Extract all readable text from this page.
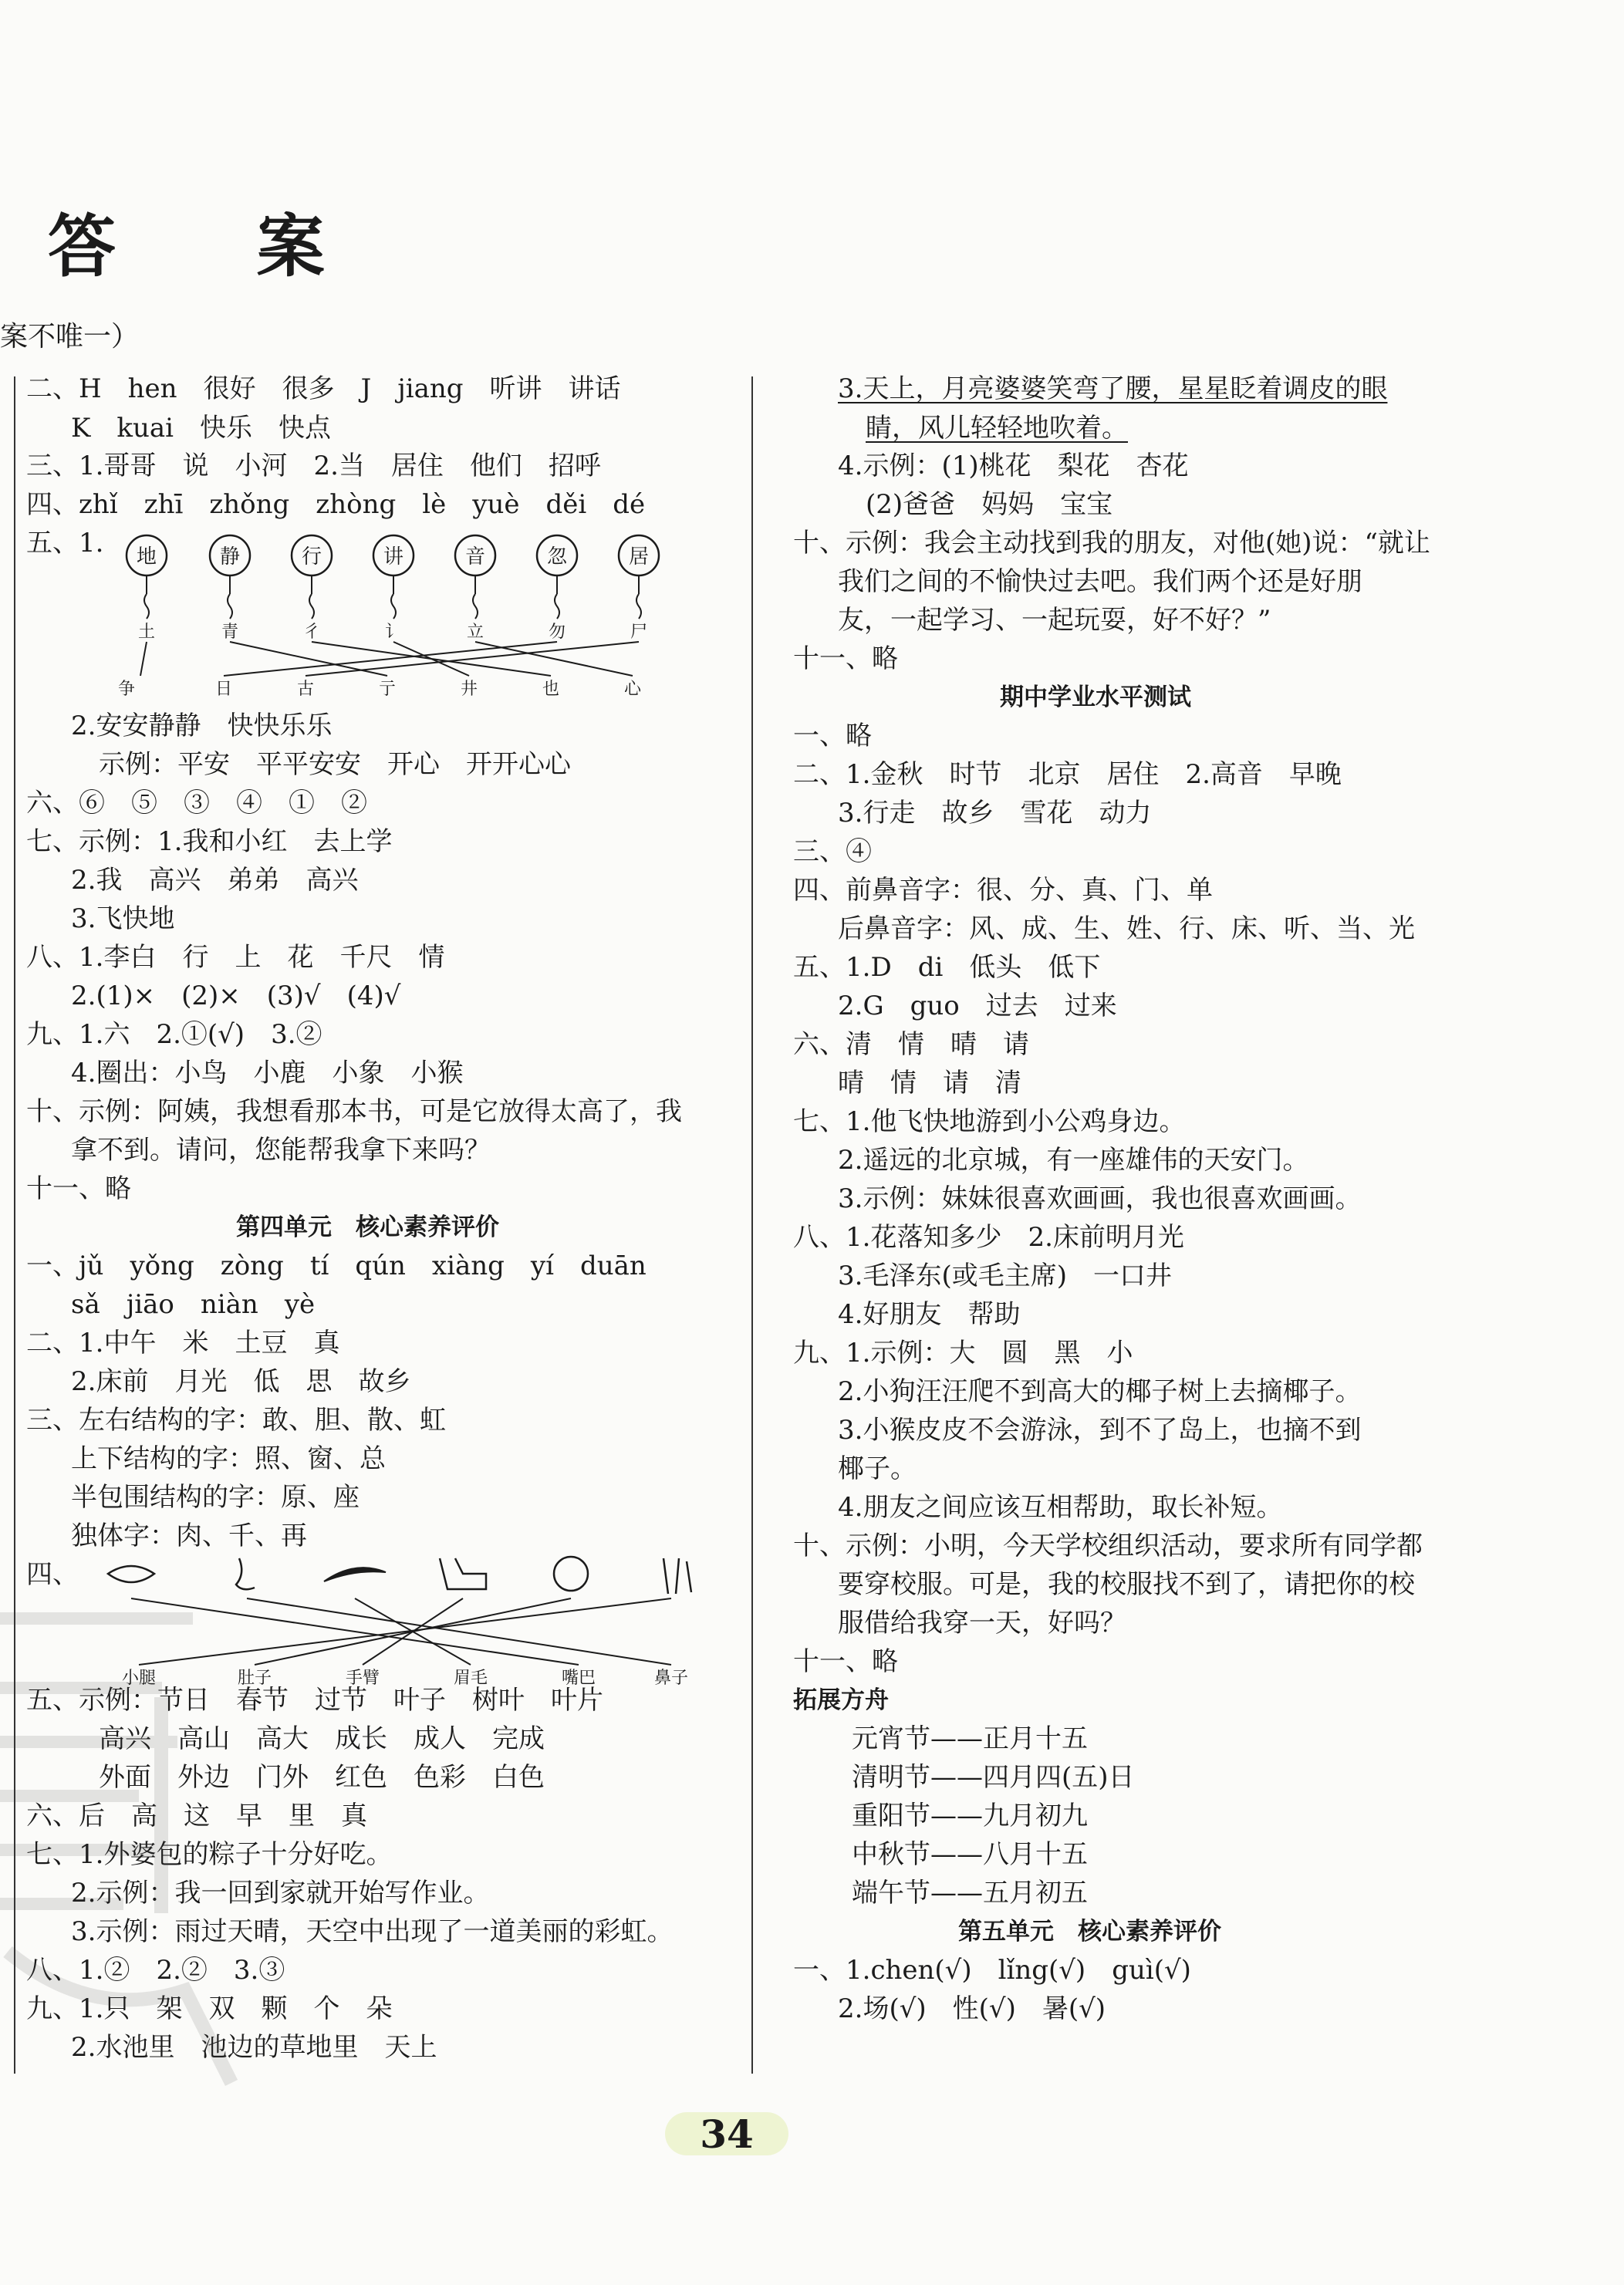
答 案
案不唯一）
二、H　hen　很好　很多　J　jiang　听讲　讲话
K　kuai　快乐　快点
三、1.哥哥　说　小河　2.当　居住　他们　招呼
四、zhǐ　zhī　zhǒng　zhòng　lè　yuè　děi　dé
五、1.
2.安安静静　快快乐乐
示例：平安　平平安安　开心　开开心心
六、⑥　⑤　③　④　①　②
七、示例：1.我和小红　去上学
2.我　高兴　弟弟　高兴
3.飞快地
八、1.李白　行　上　花　千尺　情
2.(1)×　(2)×　(3)√　(4)√
九、1.六　2.①(√)　3.②
4.圈出：小鸟　小鹿　小象　小猴
十、示例：阿姨，我想看那本书，可是它放得太高了，我
拿不到。请问，您能帮我拿下来吗？
十一、略
第四单元　核心素养评价
一、jǔ　yǒng　zòng　tí　qún　xiàng　yí　duān
sǎ　jiāo　niàn　yè
二、1.中午　米　土豆　真
2.床前　月光　低　思　故乡
三、左右结构的字：敢、胆、散、虹
上下结构的字：照、窗、总
半包围结构的字：原、座
独体字：肉、千、再
四、
五、示例：节日　春节　过节　叶子　树叶　叶片
高兴　高山　高大　成长　成人　完成
外面　外边　门外　红色　色彩　白色
六、后　高　这　早　里　真
七、1.外婆包的粽子十分好吃。
2.示例：我一回到家就开始写作业。
3.示例：雨过天晴，天空中出现了一道美丽的彩虹。
八、1.②　2.②　3.③
九、1.只　架　双　颗　个　朵
2.水池里　池边的草地里　天上
3.天上，月亮婆婆笑弯了腰，星星眨着调皮的眼
睛，风儿轻轻地吹着。
4.示例：(1)桃花　梨花　杏花
(2)爸爸　妈妈　宝宝
十、示例：我会主动找到我的朋友，对他(她)说：“就让
我们之间的不愉快过去吧。我们两个还是好朋
友，一起学习、一起玩耍，好不好？”
十一、略
期中学业水平测试
一、略
二、1.金秋　时节　北京　居住　2.高音　早晚
3.行走　故乡　雪花　动力
三、④
四、前鼻音字：很、分、真、门、单
后鼻音字：风、成、生、姓、行、床、听、当、光
五、1.D　di　低头　低下
2.G　guo　过去　过来
六、清　情　晴　请
晴　情　请　清
七、1.他飞快地游到小公鸡身边。
2.遥远的北京城，有一座雄伟的天安门。
3.示例：妹妹很喜欢画画，我也很喜欢画画。
八、1.花落知多少　2.床前明月光
3.毛泽东(或毛主席)　一口井
4.好朋友　帮助
九、1.示例：大　圆　黑　小
2.小狗汪汪爬不到高大的椰子树上去摘椰子。
3.小猴皮皮不会游泳，到不了岛上，也摘不到
椰子。
4.朋友之间应该互相帮助，取长补短。
十、示例：小明，今天学校组织活动，要求所有同学都
要穿校服。可是，我的校服找不到了，请把你的校
服借给我穿一天，好吗？
十一、略
拓展方舟
元宵节——正月十五
清明节——四月四(五)日
重阳节——九月初九
中秋节——八月十五
端午节——五月初五
第五单元　核心素养评价
一、1.chen(√)　lǐng(√)　guì(√)
2.场(√)　性(√)　暑(√)
地
土
争
静
青
日
行
彳
古
讲
讠
亍
音
立
井
忽
勿
也
居
尸
心
小腿	肚子	手臂	眉毛	嘴巴	鼻子
34
